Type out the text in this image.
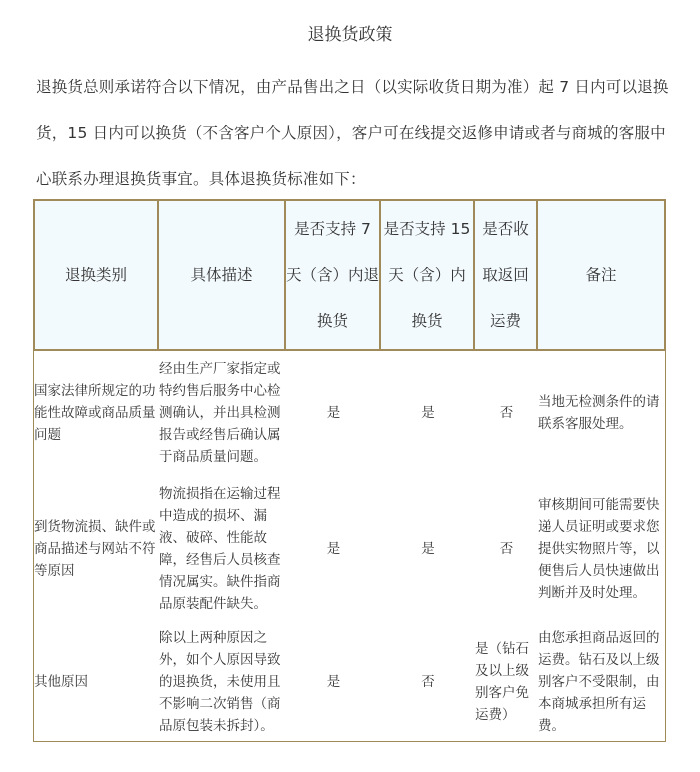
退换货政策
退换货总则承诺符合以下情况，由产品售出之日（以实际收货日期为准）起 7 日内可以退换货，15 日内可以换货（不含客户个人原因），客户可在线提交返修申请或者与商城的客服中心联系办理退换货事宜。具体退换货标准如下：
退换类别	具体描述	是否支持 7 天（含）内退换货	是否支持 15 天（含）内换货	是否收取返回运费	备注
国家法律所规定的功能性故障或商品质量问题	经由生产厂家指定或特约售后服务中心检测确认，并出具检测报告或经售后确认属于商品质量问题。	是	是	否	当地无检测条件的请联系客服处理。
到货物流损、缺件或商品描述与网站不符等原因	物流损指在运输过程中造成的损坏、漏液、破碎、性能故障，经售后人员核查情况属实。缺件指商品原装配件缺失。	是	是	否	审核期间可能需要快递人员证明或要求您提供实物照片等，以便售后人员快速做出判断并及时处理。
其他原因	除以上两种原因之外，如个人原因导致的退换货，未使用且不影响二次销售（商品原包装未拆封）。	是	否	是（钻石及以上级别客户免运费）	由您承担商品返回的运费。钻石及以上级别客户不受限制，由本商城承担所有运费。
